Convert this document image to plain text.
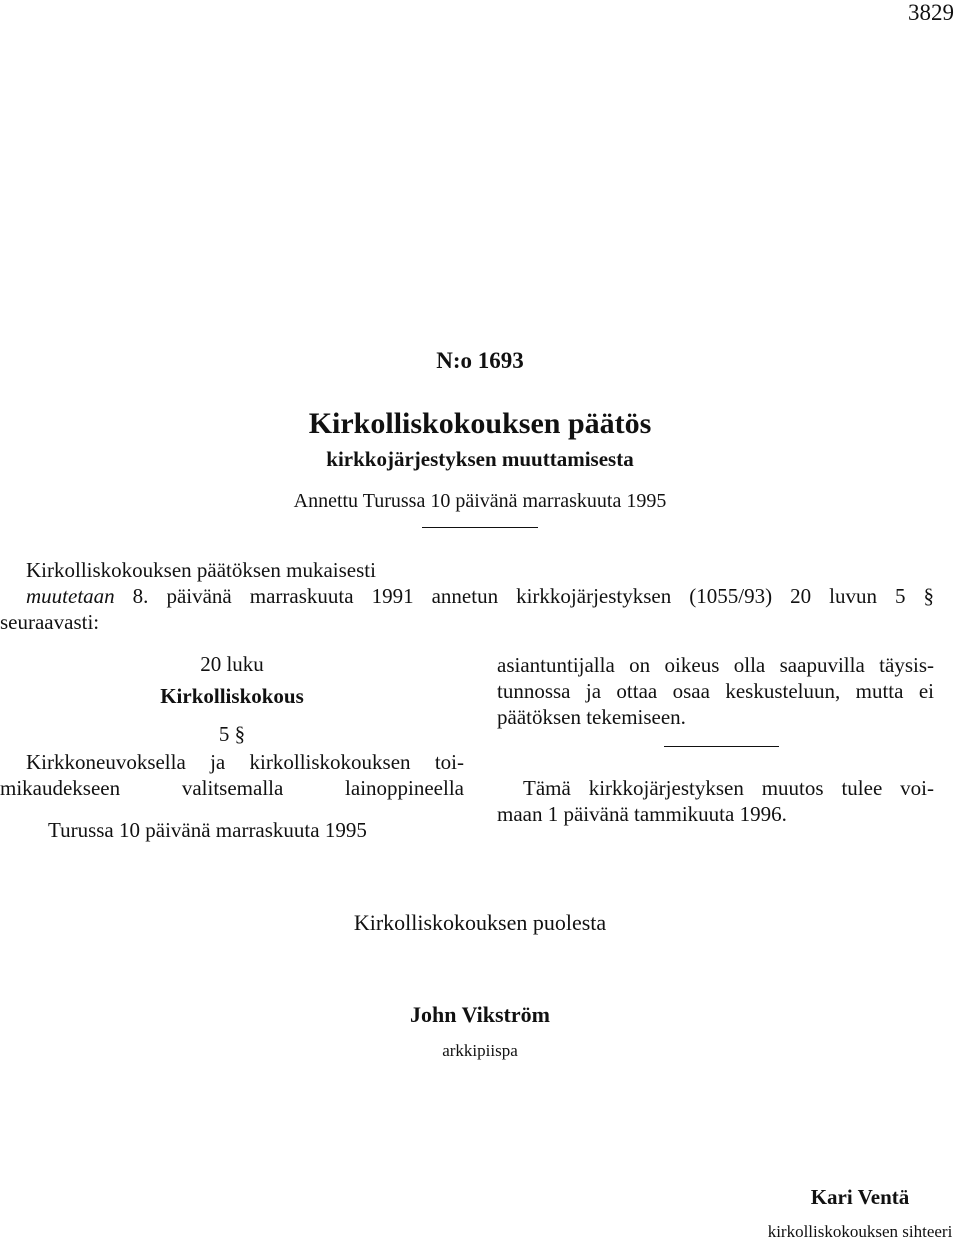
3829
N:o 1693
Kirkolliskokouksen päätös
kirkkojärjestyksen muuttamisesta
Annettu Turussa 10 päivänä marraskuuta 1995
Kirkolliskokouksen päätöksen mukaisesti
muutetaan 8. päivänä marraskuuta 1991 annetun kirkkojärjestyksen (1055/93) 20 luvun 5 §
seuraavasti:
20 luku
Kirkolliskokous
5 §
Kirkkoneuvoksella ja kirkolliskokouksen toi-
mikaudekseen valitsemalla lainoppineella
asiantuntijalla on oikeus olla saapuvilla täysis-
tunnossa ja ottaa osaa keskusteluun, mutta ei
päätöksen tekemiseen.
Tämä kirkkojärjestyksen muutos tulee voi-
maan 1 päivänä tammikuuta 1996.
Turussa 10 päivänä marraskuuta 1995
Kirkolliskokouksen puolesta
John Vikström
arkkipiispa
Kari Ventä
kirkolliskokouksen sihteeri
